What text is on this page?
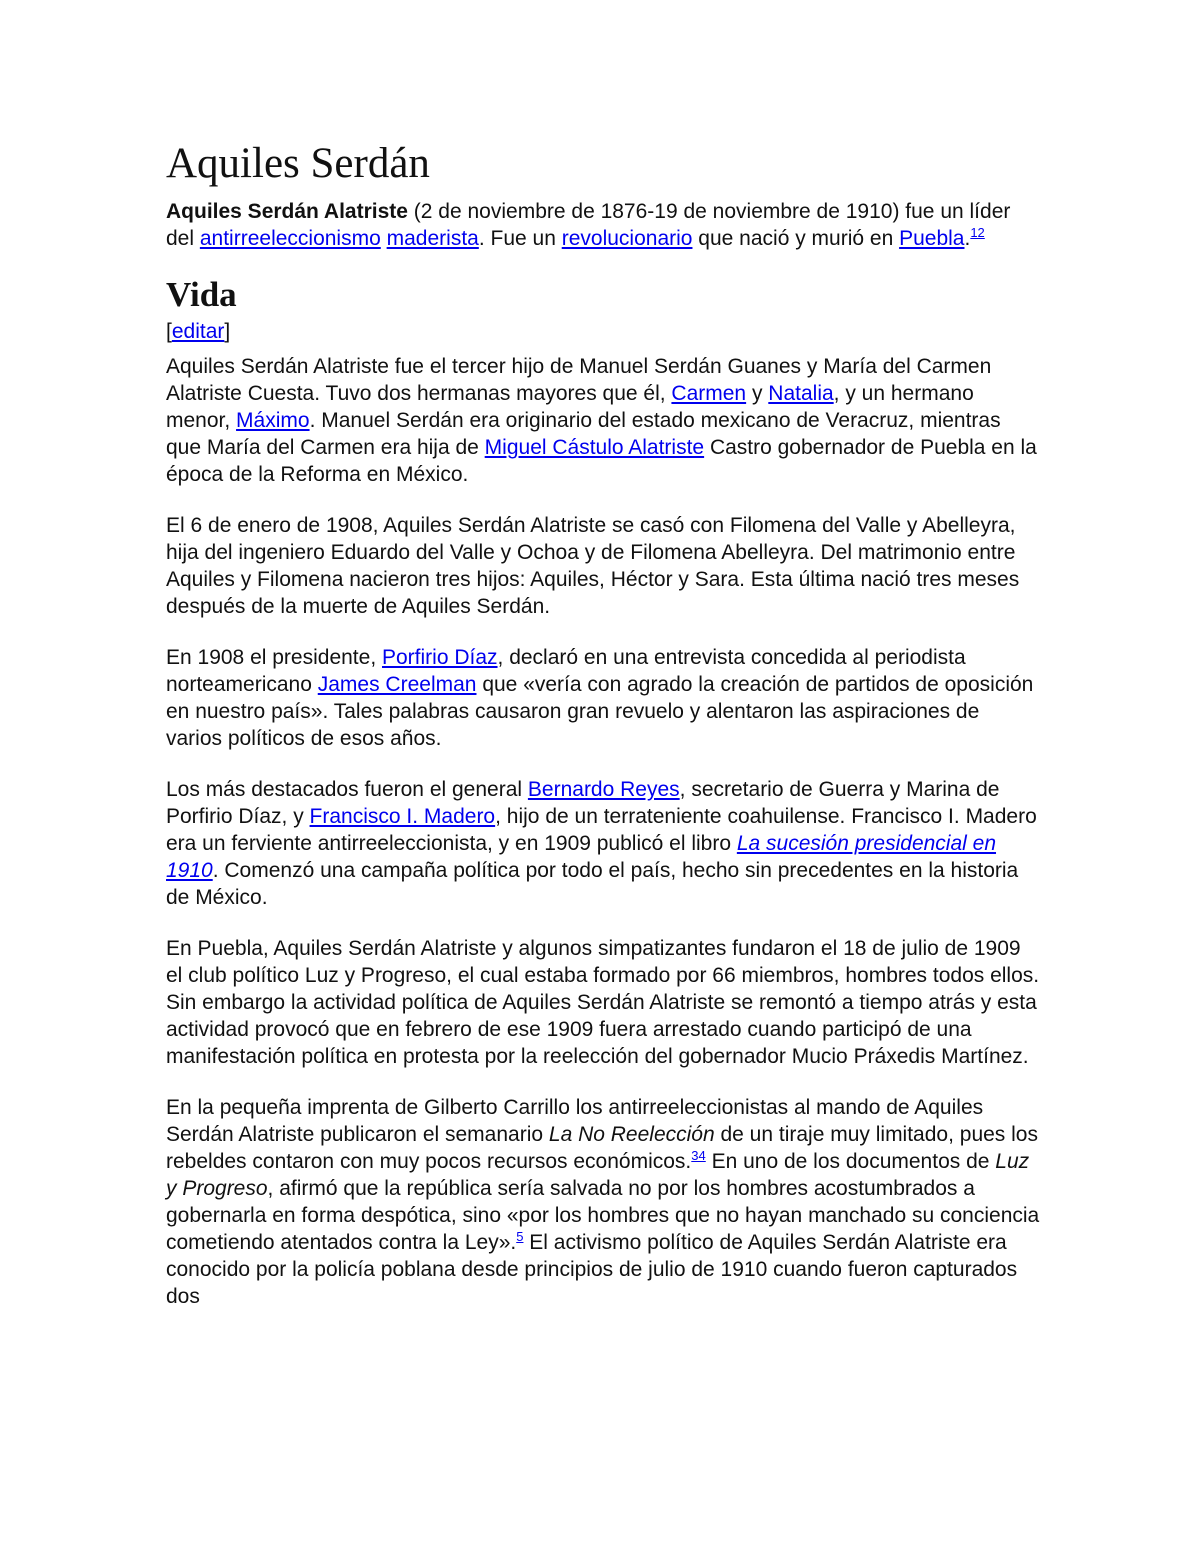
Aquiles Serdán

Aquiles Serdán Alatriste (2 de noviembre de 1876-19 de noviembre de 1910) fue un líder del antirreeleccionismo maderista. Fue un revolucionario que nació y murió en Puebla.$^{12}$

Vida
[editar]

Aquiles Serdán Alatriste fue el tercer hijo de Manuel Serdán Guanes y María del Carmen Alatriste Cuesta. Tuvo dos hermanas mayores que él, Carmen y Natalia, y un hermano menor, Máximo. Manuel Serdán era originario del estado mexicano de Veracruz, mientras que María del Carmen era hija de Miguel Cástulo Alatriste Castro gobernador de Puebla en la época de la Reforma en México.

El 6 de enero de 1908, Aquiles Serdán Alatriste se casó con Filomena del Valle y Abelleyra, hija del ingeniero Eduardo del Valle y Ochoa y de Filomena Abelleyra. Del matrimonio entre Aquiles y Filomena nacieron tres hijos: Aquiles, Héctor y Sara. Esta última nació tres meses después de la muerte de Aquiles Serdán.

En 1908 el presidente, Porfirio Díaz, declaró en una entrevista concedida al periodista norteamericano James Creelman que «vería con agrado la creación de partidos de oposición en nuestro país». Tales palabras causaron gran revuelo y alentaron las aspiraciones de varios políticos de esos años.

Los más destacados fueron el general Bernardo Reyes, secretario de Guerra y Marina de Porfirio Díaz, y Francisco I. Madero, hijo de un terrateniente coahuilense. Francisco I. Madero era un ferviente antirreeleccionista, y en 1909 publicó el libro La sucesión presidencial en 1910. Comenzó una campaña política por todo el país, hecho sin precedentes en la historia de México.

En Puebla, Aquiles Serdán Alatriste y algunos simpatizantes fundaron el 18 de julio de 1909 el club político Luz y Progreso, el cual estaba formado por 66 miembros, hombres todos ellos. Sin embargo la actividad política de Aquiles Serdán Alatriste se remontó a tiempo atrás y esta actividad provocó que en febrero de ese 1909 fuera arrestado cuando participó de una manifestación política en protesta por la reelección del gobernador Mucio Práxedis Martínez.

En la pequeña imprenta de Gilberto Carrillo los antirreeleccionistas al mando de Aquiles Serdán Alatriste publicaron el semanario La No Reelección de un tiraje muy limitado, pues los rebeldes contaron con muy pocos recursos económicos.$^{34}$ En uno de los documentos de Luz y Progreso, afirmó que la república sería salvada no por los hombres acostumbrados a gobernarla en forma despótica, sino «por los hombres que no hayan manchado su conciencia cometiendo atentados contra la Ley».$^5$ El activismo político de Aquiles Serdán Alatriste era conocido por la policía poblana desde principios de julio de 1910 cuando fueron capturados dos
